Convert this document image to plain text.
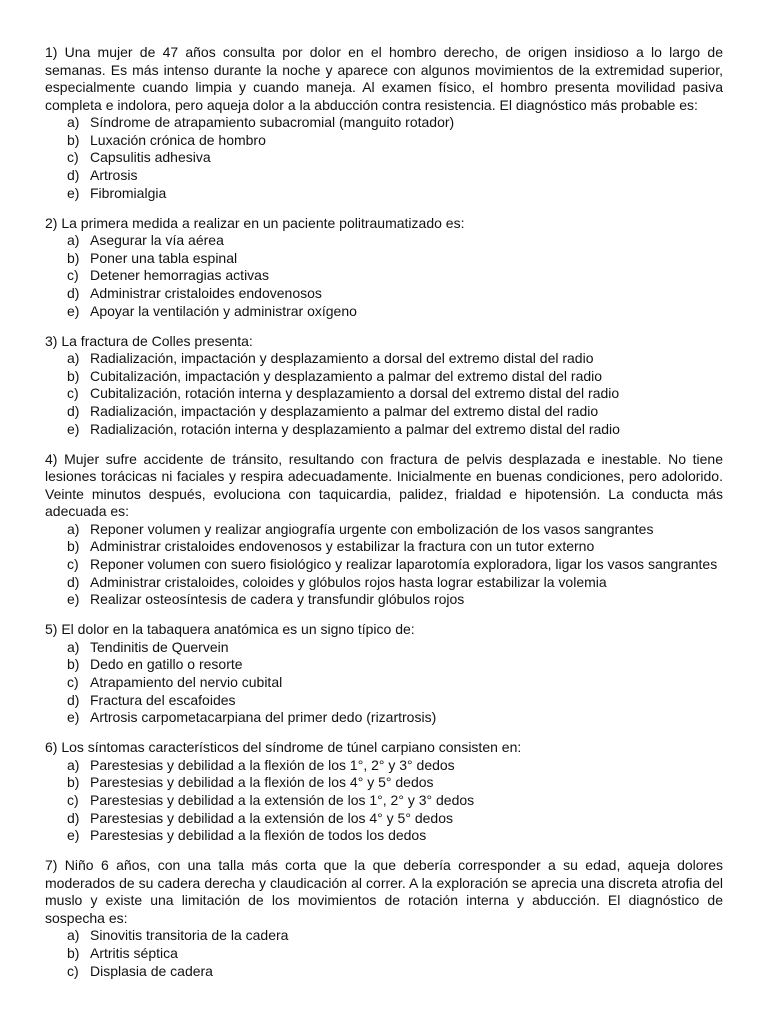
1) Una mujer de 47 años consulta por dolor en el hombro derecho, de origen insidioso a lo largo de semanas. Es más intenso durante la noche y aparece con algunos movimientos de la extremidad superior, especialmente cuando limpia y cuando maneja. Al examen físico, el hombro presenta movilidad pasiva completa e indolora, pero aqueja dolor a la abducción contra resistencia. El diagnóstico más probable es:

a) Síndrome de atrapamiento subacromial (manguito rotador)
b) Luxación crónica de hombro
c) Capsulitis adhesiva
d) Artrosis
e) Fibromialgia

2) La primera medida a realizar en un paciente politraumatizado es:

a) Asegurar la vía aérea
b) Poner una tabla espinal
c) Detener hemorragias activas
d) Administrar cristaloides endovenosos
e) Apoyar la ventilación y administrar oxígeno

3) La fractura de Colles presenta:

a) Radialización, impactación y desplazamiento a dorsal del extremo distal del radio
b) Cubitalización, impactación y desplazamiento a palmar del extremo distal del radio
c) Cubitalización, rotación interna y desplazamiento a dorsal del extremo distal del radio
d) Radialización, impactación y desplazamiento a palmar del extremo distal del radio
e) Radialización, rotación interna y desplazamiento a palmar del extremo distal del radio

4) Mujer sufre accidente de tránsito, resultando con fractura de pelvis desplazada e inestable. No tiene lesiones torácicas ni faciales y respira adecuadamente. Inicialmente en buenas condiciones, pero adolorido. Veinte minutos después, evoluciona con taquicardia, palidez, frialdad e hipotensión. La conducta más adecuada es:

a) Reponer volumen y realizar angiografía urgente con embolización de los vasos sangrantes
b) Administrar cristaloides endovenosos y estabilizar la fractura con un tutor externo
c) Reponer volumen con suero fisiológico y realizar laparotomía exploradora, ligar los vasos sangrantes
d) Administrar cristaloides, coloides y glóbulos rojos hasta lograr estabilizar la volemia
e) Realizar osteosíntesis de cadera y transfundir glóbulos rojos

5) El dolor en la tabaquera anatómica es un signo típico de:

a) Tendinitis de Quervein
b) Dedo en gatillo o resorte
c) Atrapamiento del nervio cubital
d) Fractura del escafoides
e) Artrosis carpometacarpiana del primer dedo (rizartrosis)

6) Los síntomas característicos del síndrome de túnel carpiano consisten en:

a) Parestesias y debilidad a la flexión de los 1°, 2° y 3° dedos
b) Parestesias y debilidad a la flexión de los 4° y 5° dedos
c) Parestesias y debilidad a la extensión de los 1°, 2° y 3° dedos
d) Parestesias y debilidad a la extensión de los 4° y 5° dedos
e) Parestesias y debilidad a la flexión de todos los dedos

7) Niño 6 años, con una talla más corta que la que debería corresponder a su edad, aqueja dolores moderados de su cadera derecha y claudicación al correr. A la exploración se aprecia una discreta atrofia del muslo y existe una limitación de los movimientos de rotación interna y abducción. El diagnóstico de sospecha es:

a) Sinovitis transitoria de la cadera
b) Artritis séptica
c) Displasia de cadera
